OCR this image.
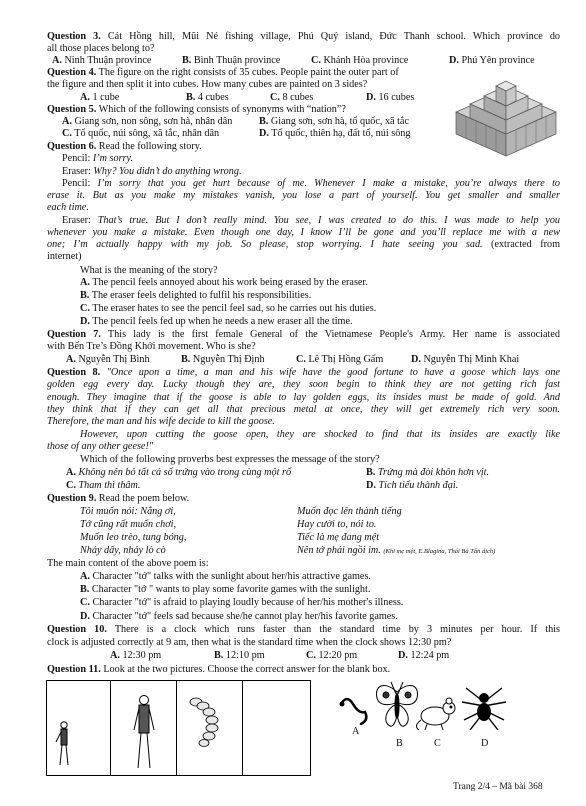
Question 3. Cát Hồng hill, Mũi Né fishing village, Phú Quý island, Đức Thanh school. Which province do
all those places belong to?
A. Ninh Thuận province	B. Bình Thuận province	C. Khánh Hòa province	D. Phú Yên province
Question 4. The figure on the right consists of 35 cubes. People paint the outer part of
the figure and then split it into cubes. How many cubes are painted on 3 sides?
A. 1 cube	B. 4 cubes	C. 8 cubes	D. 16 cubes
Question 5. Which of the following consists of synonyms with “nation”?
A. Giang sơn, non sông, sơn hà, nhân dân	B. Giang sơn, sơn hà, tổ quốc, xã tắc
C. Tổ quốc, núi sông, xã tắc, nhân dân	D. Tổ quốc, thiên hạ, đất tổ, núi sông
Question 6. Read the following story.
Pencil: I’m sorry.
Eraser: Why? You didn’t do anything wrong.
Pencil: I’m sorry that you get hurt because of me. Whenever I make a mistake, you’re always there to
erase it. But as you make my mistakes vanish, you lose a part of yourself. You get smaller and smaller
each time.
Eraser: That’s true. But I don’t really mind. You see, I was created to do this. I was made to help you
whenever you make a mistake. Even though one day, I know I’ll be gone and you’ll replace me with a new
one; I’m actually happy with my job. So please, stop worrying. I hate seeing you sad. (extracted from
internet)
What is the meaning of the story?
A. The pencil feels annoyed about his work being erased by the eraser.
B. The eraser feels delighted to fulfil his responsibilities.
C. The eraser hates to see the pencil feel sad, so he carries out his duties.
D. The pencil feels fed up when he needs a new eraser all the time.
Question 7. This lady is the first female General of the Vietnamese People's Army. Her name is associated
with Bến Tre’s Đồng Khởi movement. Who is she?
A. Nguyễn Thị Bình	B. Nguyễn Thị Định	C. Lê Thị Hồng Gấm	D. Nguyễn Thị Minh Khai
Question 8. "Once upon a time, a man and his wife have the good fortune to have a goose which lays one
golden egg every day. Lucky though they are, they soon begin to think they are not getting rich fast
enough. They imagine that if the goose is able to lay golden eggs, its insides must be made of gold. And
they think that if they can get all that precious metal at once, they will get extremely rich very soon.
Therefore, the man and his wife decide to kill the goose.
However, upon cutting the goose open, they are shocked to find that its insides are exactly like
those of any other geese!"
Which of the following proverbs best expresses the message of the story?
A. Không nên bỏ tất cả số trứng vào trong cùng một rổ	B. Trứng mà đòi khôn hơn vịt.
C. Tham thì thâm.	D. Tích tiểu thành đại.
Question 9. Read the poem below.
Tôi muốn nói: Nắng ơi,
Tớ cũng rất muốn chơi,
Muốn leo trèo, tung bóng,
Nhảy dây, nhảy lò cò
Muốn đọc lên thành tiếng
Hay cười to, nói to.
Tiếc là mẹ đang mệt
Nên tớ phải ngồi im. (Khi mẹ mệt, E.Blagina, Thái Bá Tân dịch)
The main content of the above poem is:
A. Character "tớ" talks with the sunlight about her/his attractive games.
B. Character "tớ " wants to play some favorite games with the sunlight.
C. Character "tớ" is afraid to playing loudly because of her/his mother's illness.
D. Character "tớ" feels sad because she/he cannot play her/his favorite games.
Question 10. There is a clock which runs faster than the standard time by 3 minutes per hour. If this
clock is adjusted correctly at 9 am, then what is the standard time when the clock shows 12:30 pm?
A. 12:30 pm	B. 12:10 pm	C. 12:20 pm	D. 12:24 pm
Question 11. Look at the two pictures. Choose the correct answer for the blank box.
A
B	C	D
Trang 2/4 – Mã bài 368
